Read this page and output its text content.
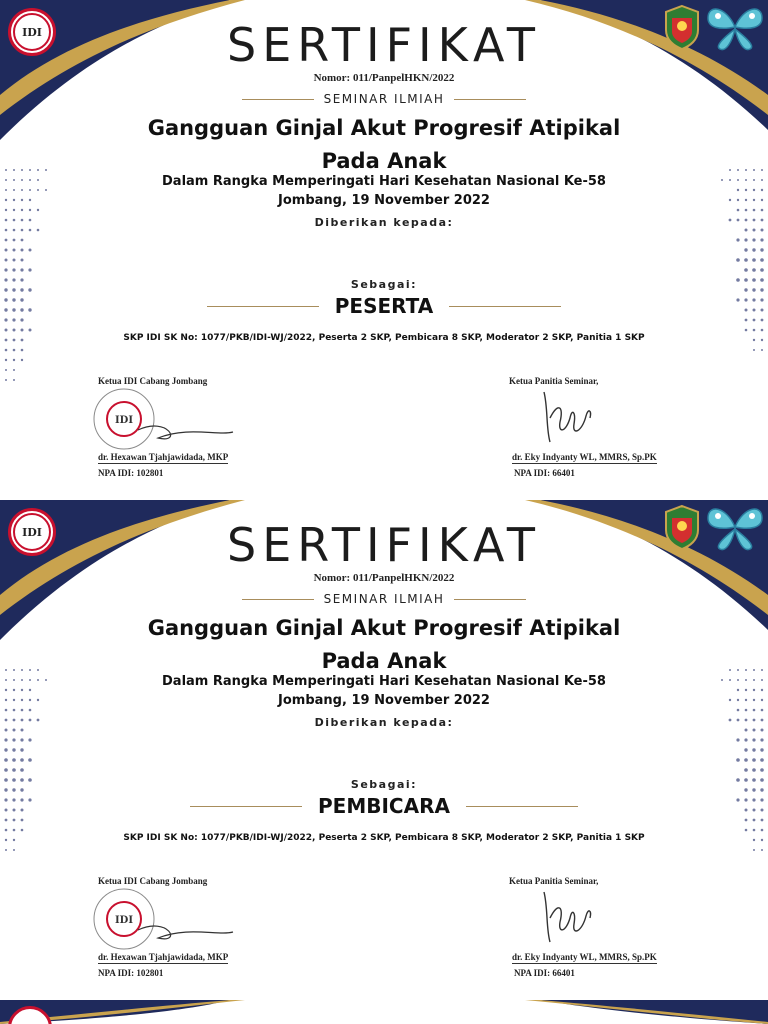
IDI	SERTIFIKAT
Nomor: 011/PanpelHKN/2022
SEMINAR ILMIAH
Gangguan Ginjal Akut Progresif Atipikal
Pada Anak
Dalam Rangka Memperingati Hari Kesehatan Nasional Ke-58
Jombang, 19 November 2022
Diberikan kepada:
Sebagai:
PESERTA
SKP IDI SK No: 1077/PKB/IDI-WJ/2022, Peserta 2 SKP, Pembicara 8 SKP, Moderator 2 SKP, Panitia 1 SKP
Ketua IDI Cabang Jombang
IDI
dr. Hexawan Tjahjawidada, MKP
NPA IDI: 102801
Ketua Panitia Seminar,
dr. Eky Indyanty WL, MMRS, Sp.PK
NPA IDI: 66401
IDI	SERTIFIKAT
Nomor: 011/PanpelHKN/2022
SEMINAR ILMIAH
Gangguan Ginjal Akut Progresif Atipikal
Pada Anak
Dalam Rangka Memperingati Hari Kesehatan Nasional Ke-58
Jombang, 19 November 2022
Diberikan kepada:
Sebagai:
PEMBICARA
SKP IDI SK No: 1077/PKB/IDI-WJ/2022, Peserta 2 SKP, Pembicara 8 SKP, Moderator 2 SKP, Panitia 1 SKP
Ketua IDI Cabang Jombang
IDI
dr. Hexawan Tjahjawidada, MKP
NPA IDI: 102801
Ketua Panitia Seminar,
dr. Eky Indyanty WL, MMRS, Sp.PK
NPA IDI: 66401
